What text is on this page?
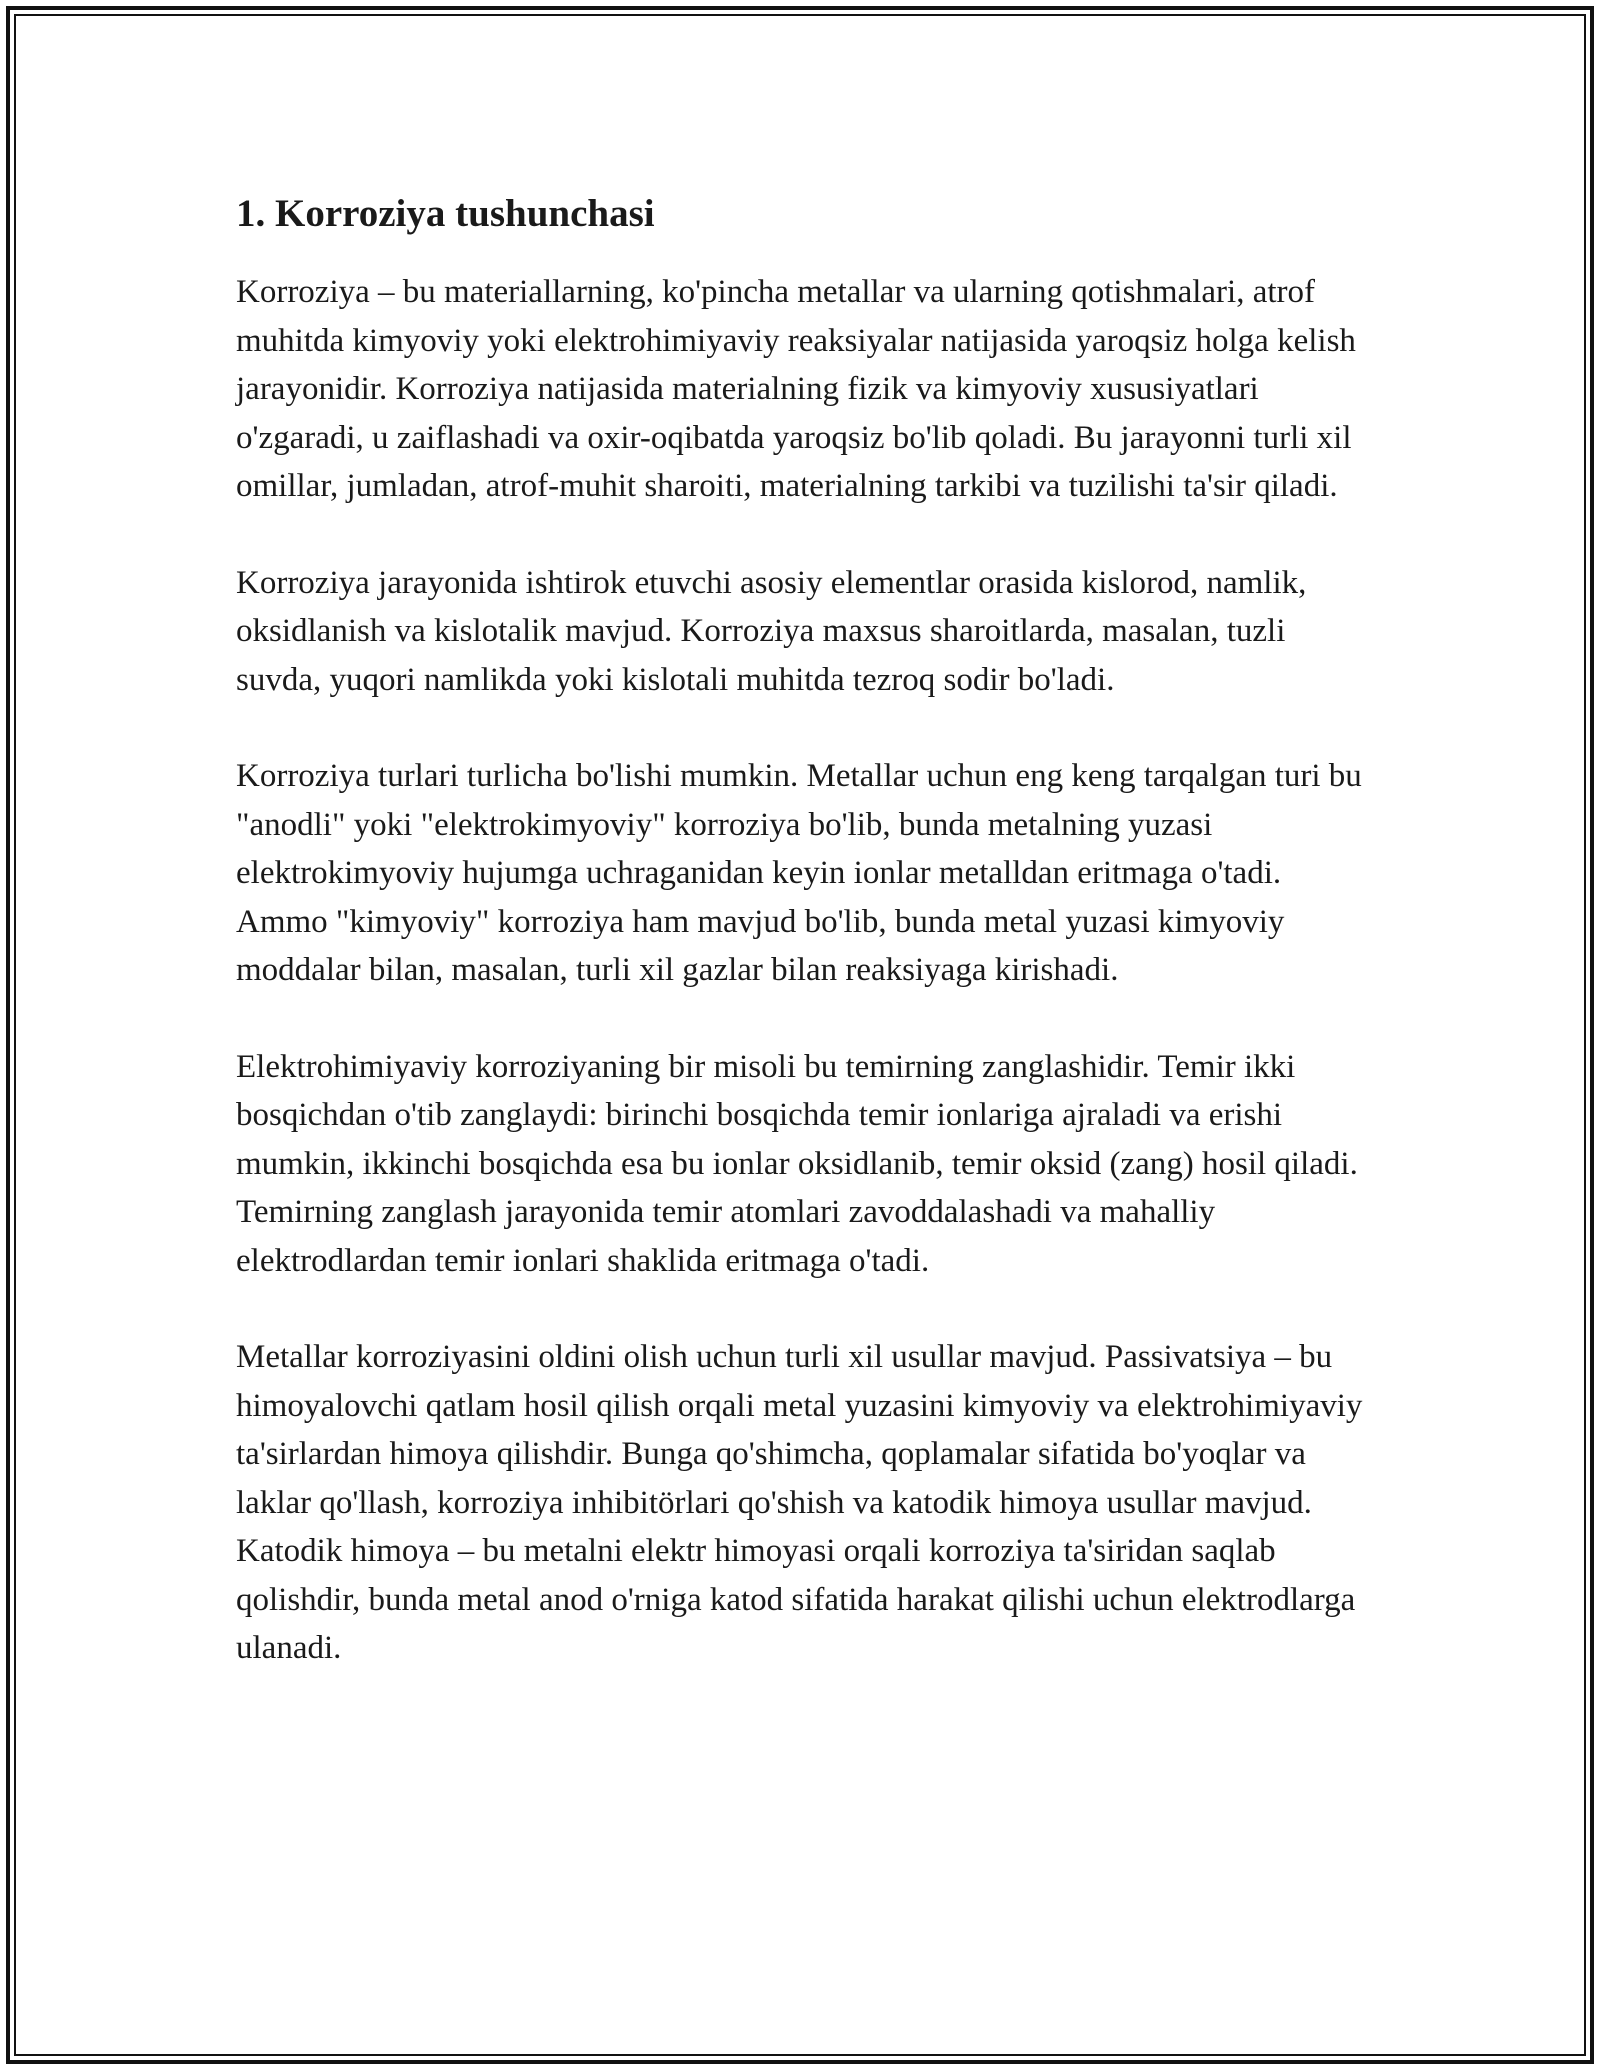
1. Korroziya tushunchasi

Korroziya – bu materiallarning, ko'pincha metallar va ularning qotishmalari, atrof muhitda kimyoviy yoki elektrohimiyaviy reaksiyalar natijasida yaroqsiz holga kelish jarayonidir. Korroziya natijasida materialning fizik va kimyoviy xususiyatlari o'zgaradi, u zaiflashadi va oxir-oqibatda yaroqsiz bo'lib qoladi. Bu jarayonni turli xil omillar, jumladan, atrof-muhit sharoiti, materialning tarkibi va tuzilishi ta'sir qiladi.

Korroziya jarayonida ishtirok etuvchi asosiy elementlar orasida kislorod, namlik, oksidlanish va kislotalik mavjud. Korroziya maxsus sharoitlarda, masalan, tuzli suvda, yuqori namlikda yoki kislotali muhitda tezroq sodir bo'ladi.

Korroziya turlari turlicha bo'lishi mumkin. Metallar uchun eng keng tarqalgan turi bu "anodli" yoki "elektrokimyoviy" korroziya bo'lib, bunda metalning yuzasi elektrokimyoviy hujumga uchraganidan keyin ionlar metalldan eritmaga o'tadi. Ammo "kimyoviy" korroziya ham mavjud bo'lib, bunda metal yuzasi kimyoviy moddalar bilan, masalan, turli xil gazlar bilan reaksiyaga kirishadi.

Elektrohimiyaviy korroziyaning bir misoli bu temirning zanglashidir. Temir ikki bosqichdan o'tib zanglaydi: birinchi bosqichda temir ionlariga ajraladi va erishi mumkin, ikkinchi bosqichda esa bu ionlar oksidlanib, temir oksid (zang) hosil qiladi. Temirning zanglash jarayonida temir atomlari zavoddalashadi va mahalliy elektrodlardan temir ionlari shaklida eritmaga o'tadi.

Metallar korroziyasini oldini olish uchun turli xil usullar mavjud. Passivatsiya – bu himoyalovchi qatlam hosil qilish orqali metal yuzasini kimyoviy va elektrohimiyaviy ta'sirlardan himoya qilishdir. Bunga qo'shimcha, qoplamalar sifatida bo'yoqlar va laklar qo'llash, korroziya inhibitörlari qo'shish va katodik himoya usullar mavjud. Katodik himoya – bu metalni elektr himoyasi orqali korroziya ta'siridan saqlab qolishdir, bunda metal anod o'rniga katod sifatida harakat qilishi uchun elektrodlarga ulanadi.
